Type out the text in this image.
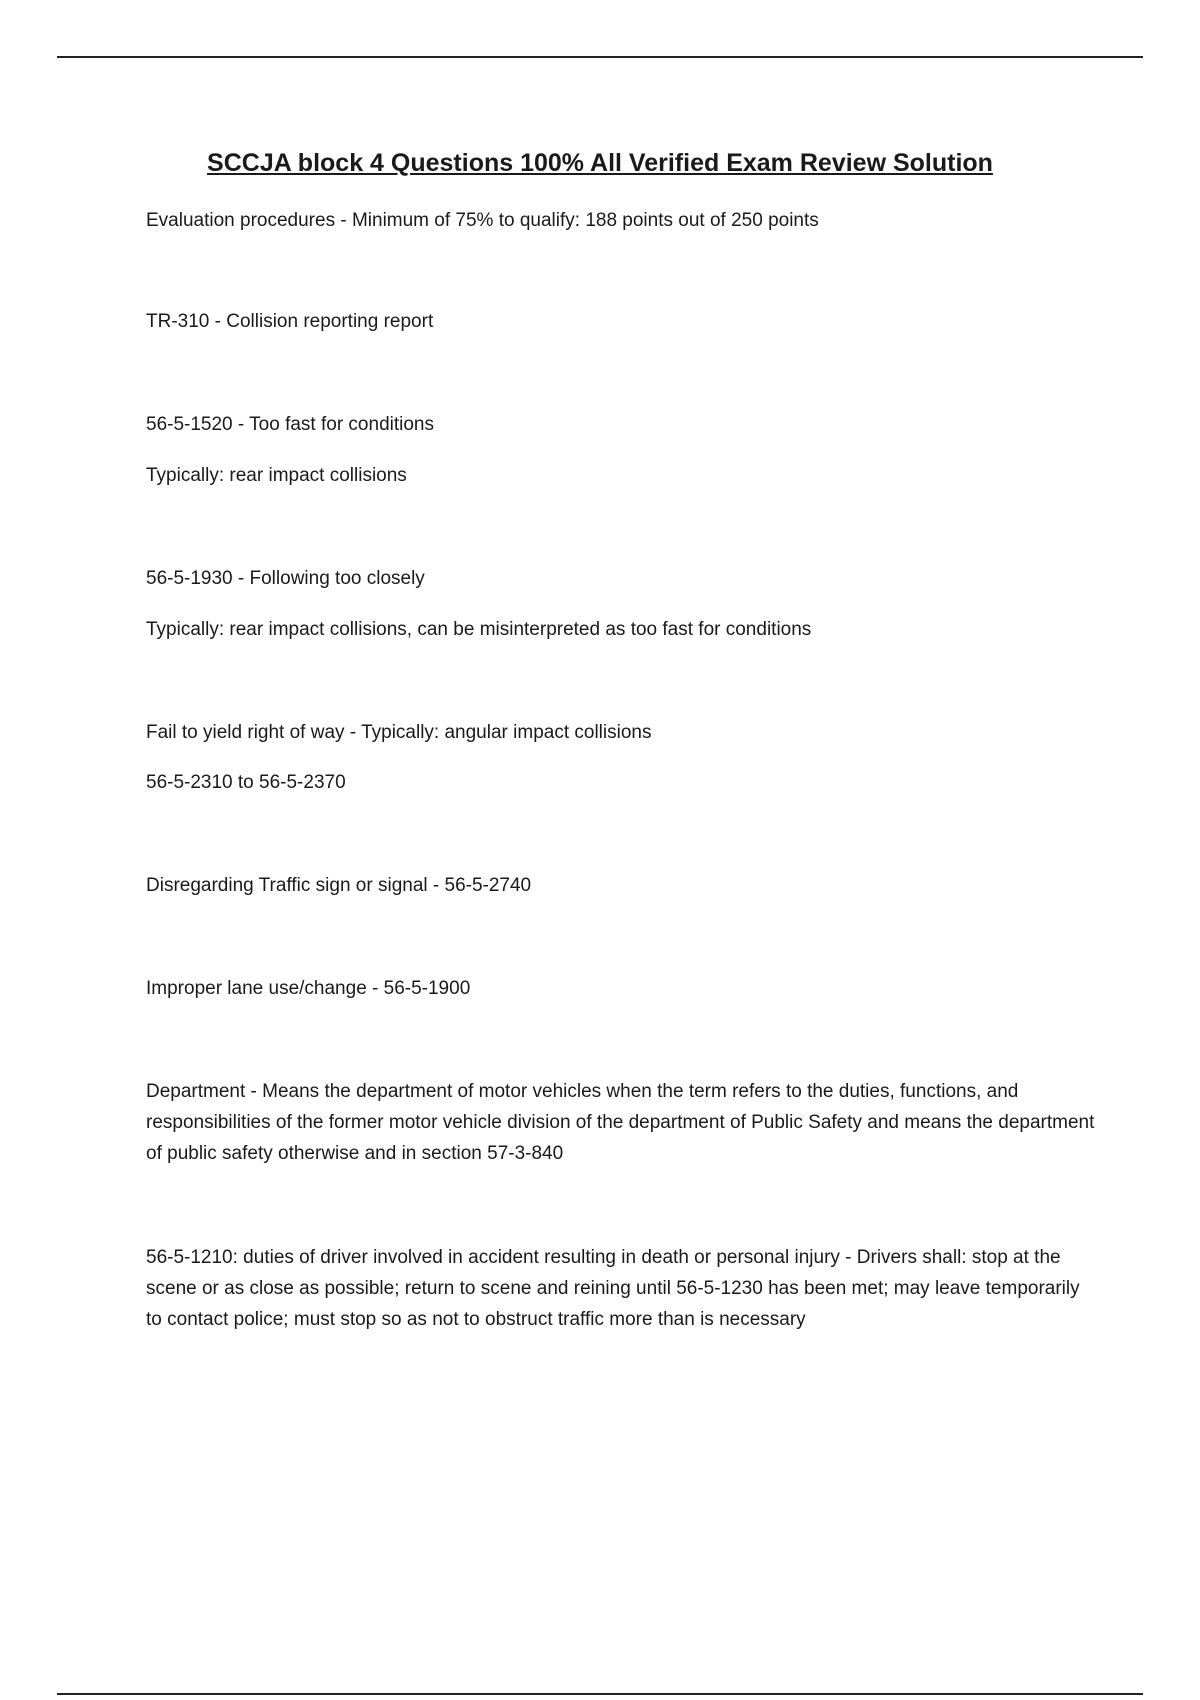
SCCJA block 4 Questions 100% All Verified Exam Review Solution

Evaluation procedures - Minimum of 75% to qualify: 188 points out of 250 points

TR-310 - Collision reporting report

56-5-1520 - Too fast for conditions

Typically: rear impact collisions

56-5-1930 - Following too closely

Typically: rear impact collisions, can be misinterpreted as too fast for conditions

Fail to yield right of way - Typically: angular impact collisions

56-5-2310 to 56-5-2370

Disregarding Traffic sign or signal - 56-5-2740

Improper lane use/change - 56-5-1900

Department - Means the department of motor vehicles when the term refers to the duties, functions, and responsibilities of the former motor vehicle division of the department of Public Safety and means the department of public safety otherwise and in section 57-3-840

56-5-1210: duties of driver involved in accident resulting in death or personal injury - Drivers shall: stop at the scene or as close as possible; return to scene and reining until 56-5-1230 has been met; may leave temporarily to contact police; must stop so as not to obstruct traffic more than is necessary
